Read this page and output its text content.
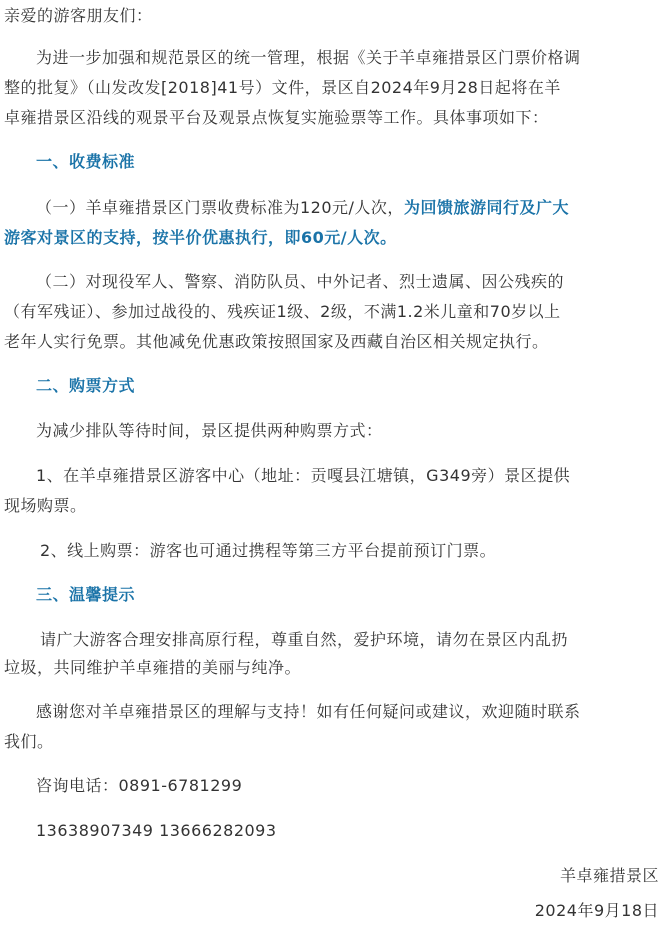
亲爱的游客朋友们：
为进一步加强和规范景区的统一管理，根据《关于羊卓雍措景区门票价格调
整的批复》（山发改发[2018]41号）文件，景区自2024年9月28日起将在羊
卓雍措景区沿线的观景平台及观景点恢复实施验票等工作。具体事项如下：
一、收费标准
（一）羊卓雍措景区门票收费标准为120元/人次，为回馈旅游同行及广大
游客对景区的支持，按半价优惠执行，即60元/人次。
（二）对现役军人、警察、消防队员、中外记者、烈士遗属、因公残疾的
（有军残证）、参加过战役的、残疾证1级、2级，不满1.2米儿童和70岁以上
老年人实行免票。其他减免优惠政策按照国家及西藏自治区相关规定执行。
二、购票方式
为减少排队等待时间，景区提供两种购票方式：
1、在羊卓雍措景区游客中心（地址：贡嘎县江塘镇，G349旁）景区提供
现场购票。
2、线上购票：游客也可通过携程等第三方平台提前预订门票。
三、温馨提示
请广大游客合理安排高原行程，尊重自然，爱护环境，请勿在景区内乱扔
垃圾，共同维护羊卓雍措的美丽与纯净。
感谢您对羊卓雍措景区的理解与支持！如有任何疑问或建议，欢迎随时联系
我们。
咨询电话：0891-6781299
13638907349 13666282093
羊卓雍措景区
2024年9月18日
